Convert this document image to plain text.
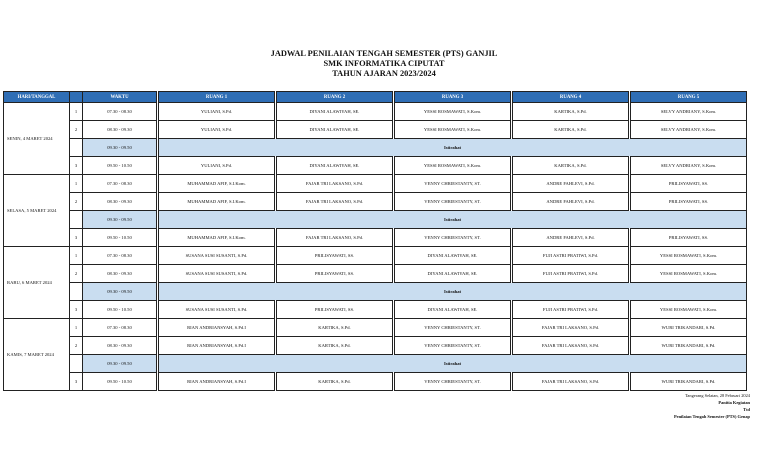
JADWAL PENILAIAN TENGAH SEMESTER (PTS) GANJIL
SMK INFORMATIKA CIPUTAT
TAHUN AJARAN 2023/2024
HARI/TANGGAL		WAKTU	RUANG 1	RUANG 2	RUANG 3	RUANG 4	RUANG 5
SENIN, 4 MARET 2024	1	07.30 - 08.30	YULIANI, S.Pd.	DIYANI ALAWIYAH, SE.	YESSI ROSMAWATI, S.Kom.	KARTIKA, S.Pd.	SELVY ANDRIANY, S.Kom.
	2	08.30 - 09.30	YULIANI, S.Pd.	DIYANI ALAWIYAH, SE.	YESSI ROSMAWATI, S.Kom.	KARTIKA, S.Pd.	SELVY ANDRIANY, S.Kom.
		09.30 - 09.50	Istirahat				
	3	09.50 - 10.50	YULIANI, S.Pd.	DIYANI ALAWIYAH, SE.	YESSI ROSMAWATI, S.Kom.	KARTIKA, S.Pd.	SELVY ANDRIANY, S.Kom.
SELASA, 5 MARET 2024	1	07.30 - 08.30	MUHAMMAD AFIF, S.I.Kom.	FAJAR TRI LAKSANO, S.Pd.	VENNY CHRIESTANTY, ST.	ANDRE FAHLEVI, S.Pd.	PRILISYAWATI, SS.
	2	08.30 - 09.30	MUHAMMAD AFIF, S.I.Kom.	FAJAR TRI LAKSANO, S.Pd.	VENNY CHRIESTANTY, ST.	ANDRE FAHLEVI, S.Pd.	PRILISYAWATI, SS.
		09.30 - 09.50	Istirahat				
	3	09.50 - 10.50	MUHAMMAD AFIF, S.I.Kom.	FAJAR TRI LAKSANO, S.Pd.	VENNY CHRIESTANTY, ST.	ANDRE FAHLEVI, S.Pd.	PRILISYAWATI, SS.
RABU, 6 MARET 2024	1	07.30 - 08.30	SUSANA SUSI SUSANTI, S.Pd.	PRILISYAWATI, SS.	DIYANI ALAWIYAH, SE.	FUJI ASTRI PRATIWI, S.Pd.	YESSI ROSMAWATI, S.Kom.
	2	08.30 - 09.30	SUSANA SUSI SUSANTI, S.Pd.	PRILISYAWATI, SS.	DIYANI ALAWIYAH, SE.	FUJI ASTRI PRATIWI, S.Pd.	YESSI ROSMAWATI, S.Kom.
		09.30 - 09.50	Istirahat				
	3	09.50 - 10.50	SUSANA SUSI SUSANTI, S.Pd.	PRILISYAWATI, SS.	DIYANI ALAWIYAH, SE.	FUJI ASTRI PRATIWI, S.Pd.	YESSI ROSMAWATI, S.Kom.
KAMIS, 7 MARET 2024	1	07.30 - 08.30	RIAN ANDRIANSYAH, S.Pd.I	KARTIKA, S.Pd.	VENNY CHRIESTANTY, ST.	FAJAR TRI LAKSANO, S.Pd.	WURI TRIKANDARI, S.Pd.
	2	08.30 - 09.30	RIAN ANDRIANSYAH, S.Pd.I	KARTIKA, S.Pd.	VENNY CHRIESTANTY, ST.	FAJAR TRI LAKSANO, S.Pd.	WURI TRIKANDARI, S.Pd.
		09.30 - 09.50	Istirahat				
	3	09.50 - 10.50	RIAN ANDRIANSYAH, S.Pd.I	KARTIKA, S.Pd.	VENNY CHRIESTANTY, ST.	FAJAR TRI LAKSANO, S.Pd.	WURI TRIKANDARI, S.Pd.
Tangerang Selatan, 28 Februari 2024
Panitia Kegiatan
Ttd
Penilaian Tengah Semester (PTS) Genap
